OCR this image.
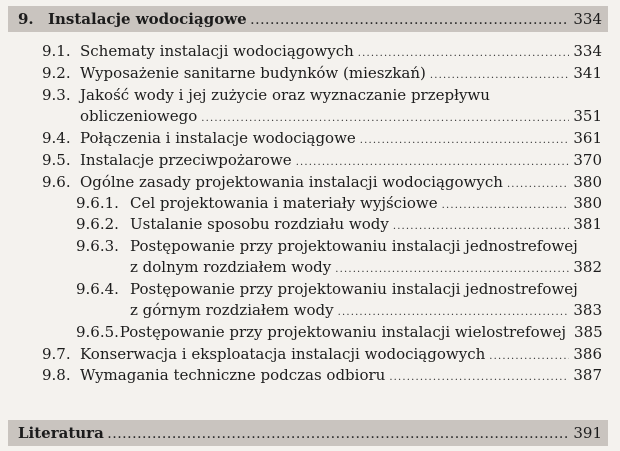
9. Instalacje wodociągowe . . .	334
9.1. Schematy instalacji wodociągowych . . .	334
9.2. Wyposażenie sanitarne budynków (mieszkań) . . .	341
9.3. Jakość wody i jej zużycie oraz wyznaczanie przepływu
obliczeniowego . . .	351
9.4. Połączenia i instalacje wodociągowe . . .	361
9.5. Instalacje przeciwpożarowe . . .	370
9.6. Ogólne zasady projektowania instalacji wodociągowych . . .	380
9.6.1. Cel projektowania i materiały wyjściowe . . .	380
9.6.2. Ustalanie sposobu rozdziału wody . . .	381
9.6.3. Postępowanie przy projektowaniu instalacji jednostrefowej
z dolnym rozdziałem wody . . .	382
9.6.4. Postępowanie przy projektowaniu instalacji jednostrefowej
z górnym rozdziałem wody . . .	383
9.6.5. Postępowanie przy projektowaniu instalacji wielostrefowej 385
9.7. Konserwacja i eksploatacja instalacji wodociągowych . . .	386
9.8. Wymagania techniczne podczas odbioru . . .	387
Literatura . . .	391
